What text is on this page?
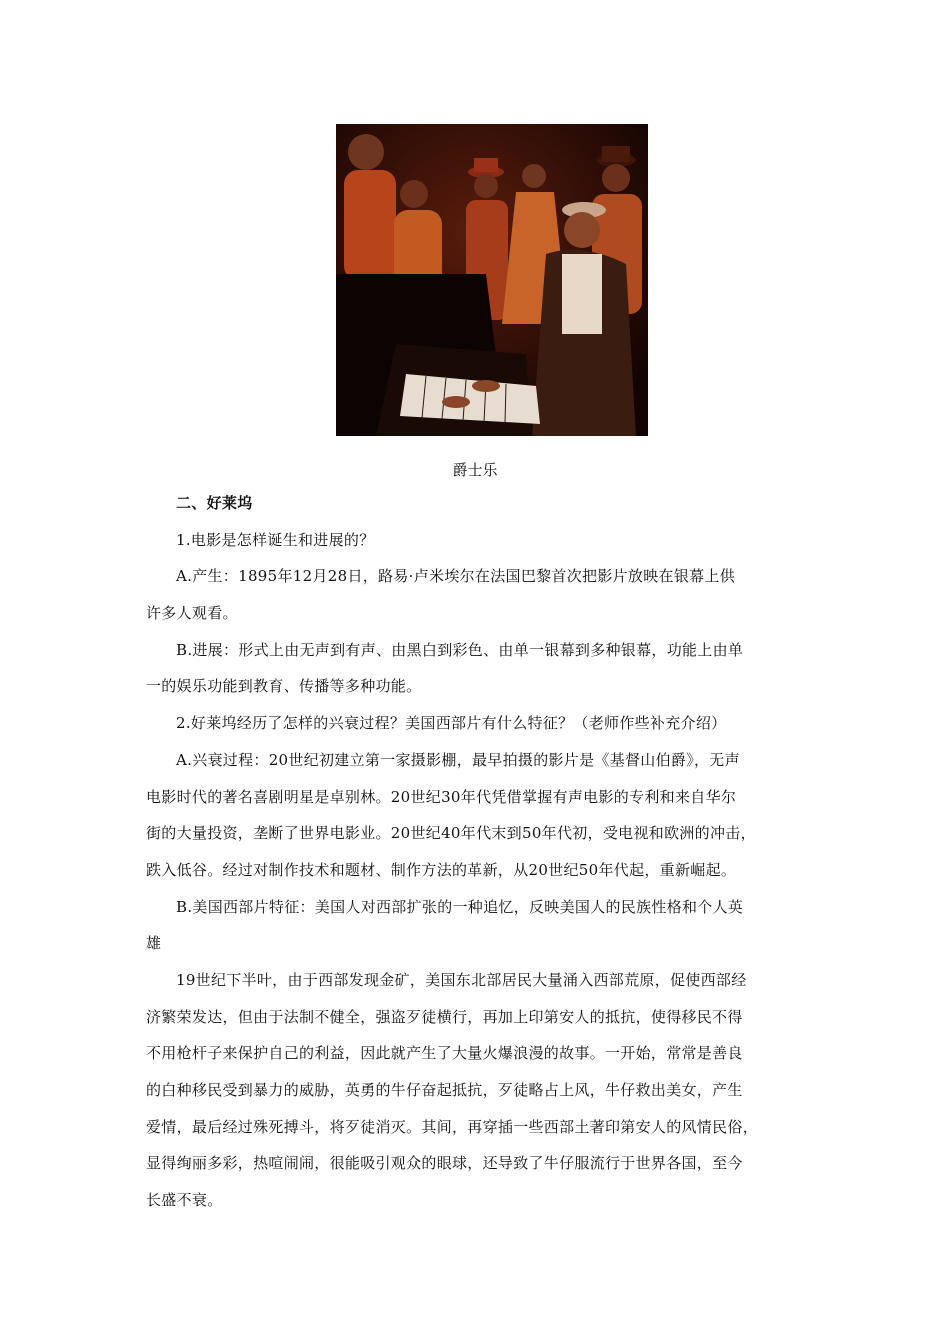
爵士乐
二、好莱坞
1.电影是怎样诞生和进展的？
A.产生：1895年12月28日，路易·卢米埃尔在法国巴黎首次把影片放映在银幕上供
许多人观看。
B.进展：形式上由无声到有声、由黑白到彩色、由单一银幕到多种银幕，功能上由单
一的娱乐功能到教育、传播等多种功能。
2.好莱坞经历了怎样的兴衰过程？美国西部片有什么特征？（老师作些补充介绍）
A.兴衰过程：20世纪初建立第一家摄影棚，最早拍摄的影片是《基督山伯爵》，无声
电影时代的著名喜剧明星是卓别林。20世纪30年代凭借掌握有声电影的专利和来自华尔
街的大量投资，垄断了世界电影业。20世纪40年代末到50年代初，受电视和欧洲的冲击，
跌入低谷。经过对制作技术和题材、制作方法的革新，从20世纪50年代起，重新崛起。
B.美国西部片特征：美国人对西部扩张的一种追忆，反映美国人的民族性格和个人英
雄
19世纪下半叶，由于西部发现金矿，美国东北部居民大量涌入西部荒原，促使西部经
济繁荣发达，但由于法制不健全，强盗歹徒横行，再加上印第安人的抵抗，使得移民不得
不用枪杆子来保护自己的利益，因此就产生了大量火爆浪漫的故事。一开始，常常是善良
的白种移民受到暴力的威胁，英勇的牛仔奋起抵抗，歹徒略占上风，牛仔救出美女，产生
爱情，最后经过殊死搏斗，将歹徒消灭。其间，再穿插一些西部土著印第安人的风情民俗，
显得绚丽多彩，热喧闹闹，很能吸引观众的眼球，还导致了牛仔服流行于世界各国，至今
长盛不衰。
